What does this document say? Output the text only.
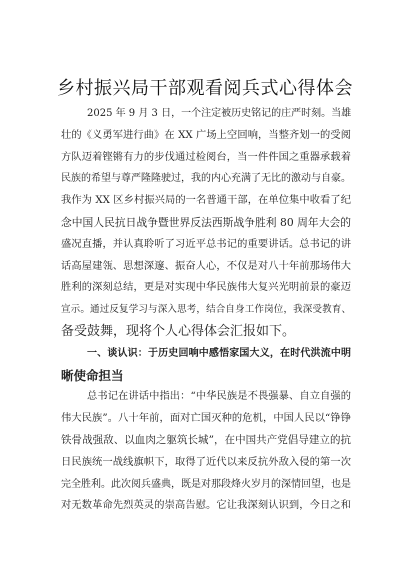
乡村振兴局干部观看阅兵式心得体会
2025 年 9 月 3 日，一个注定被历史铭记的庄严时刻。当雄
壮的《义勇军进行曲》在 XX 广场上空回响，当整齐划一的受阅
方队迈着铿锵有力的步伐通过检阅台，当一件件国之重器承载着
民族的希望与尊严隆隆驶过，我的内心充满了无比的激动与自豪。
我作为 XX 区乡村振兴局的一名普通干部，在单位集中收看了纪
念中国人民抗日战争暨世界反法西斯战争胜利 80 周年大会的
盛况直播，并认真聆听了习近平总书记的重要讲话。总书记的讲
话高屋建瓴、思想深邃、振奋人心，不仅是对八十年前那场伟大
胜利的深刻总结，更是对实现中华民族伟大复兴光明前景的豪迈
宣示。通过反复学习与深入思考，结合自身工作岗位，我深受教育、
备受鼓舞，现将个人心得体会汇报如下。
一、谈认识：于历史回响中感悟家国大义，在时代洪流中明
晰使命担当
总书记在讲话中指出：“中华民族是不畏强暴、自立自强的
伟大民族”。八十年前，面对亡国灭种的危机，中国人民以“铮铮
铁骨战强敌、以血肉之躯筑长城”，在中国共产党倡导建立的抗
日民族统一战线旗帜下，取得了近代以来反抗外敌入侵的第一次
完全胜利。此次阅兵盛典，既是对那段烽火岁月的深情回望，也是
对无数革命先烈英灵的崇高告慰。它让我深刻认识到，今日之和
